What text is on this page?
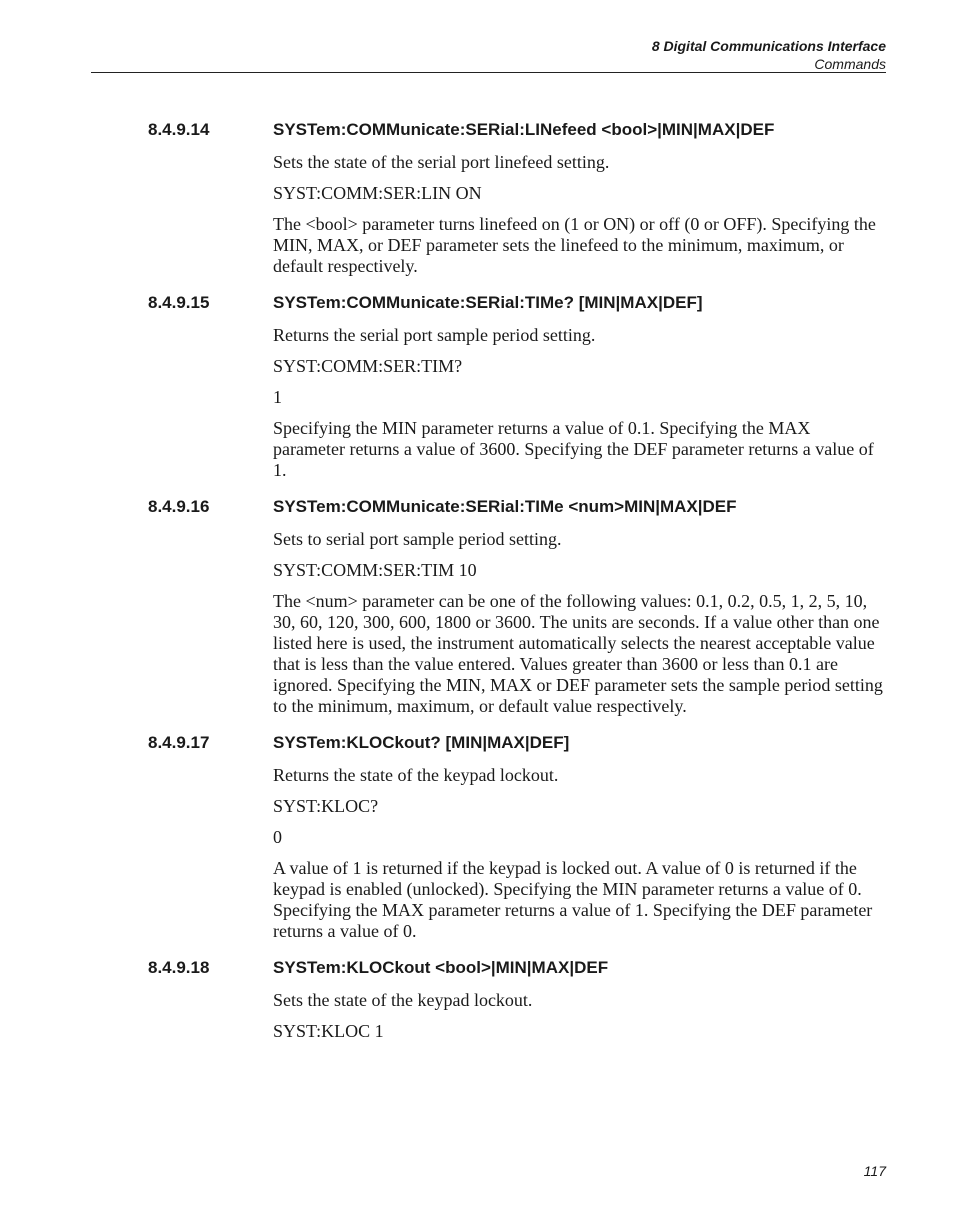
8 Digital Communications Interface
Commands
8.4.9.14	SYSTem:COMMunicate:SERial:LINefeed <bool>|MIN|MAX|DEF

Sets the state of the serial port linefeed setting.

SYST:COMM:SER:LIN ON

The <bool> parameter turns linefeed on (1 or ON) or off (0 or OFF). Specifying the MIN, MAX, or DEF parameter sets the linefeed to the minimum, maximum, or default respectively.

8.4.9.15	SYSTem:COMMunicate:SERial:TIMe? [MIN|MAX|DEF]

Returns the serial port sample period setting.

SYST:COMM:SER:TIM?

1

Specifying the MIN parameter returns a value of 0.1. Specifying the MAX parameter returns a value of 3600. Specifying the DEF parameter returns a value of 1.

8.4.9.16	SYSTem:COMMunicate:SERial:TIMe <num>MIN|MAX|DEF

Sets to serial port sample period setting.

SYST:COMM:SER:TIM 10

The <num> parameter can be one of the following values: 0.1, 0.2, 0.5, 1, 2, 5, 10, 30, 60, 120, 300, 600, 1800 or 3600. The units are seconds. If a value other than one listed here is used, the instrument automatically selects the nearest acceptable value that is less than the value entered. Values greater than 3600 or less than 0.1 are ignored. Specifying the MIN, MAX or DEF parameter sets the sample period setting to the minimum, maximum, or default value respectively.

8.4.9.17	SYSTem:KLOCkout? [MIN|MAX|DEF]

Returns the state of the keypad lockout.

SYST:KLOC?

0

A value of 1 is returned if the keypad is locked out. A value of 0 is returned if the keypad is enabled (unlocked). Specifying the MIN parameter returns a value of 0. Specifying the MAX parameter returns a value of 1. Specifying the DEF parameter returns a value of 0.

8.4.9.18	SYSTem:KLOCkout <bool>|MIN|MAX|DEF

Sets the state of the keypad lockout.

SYST:KLOC 1

117
